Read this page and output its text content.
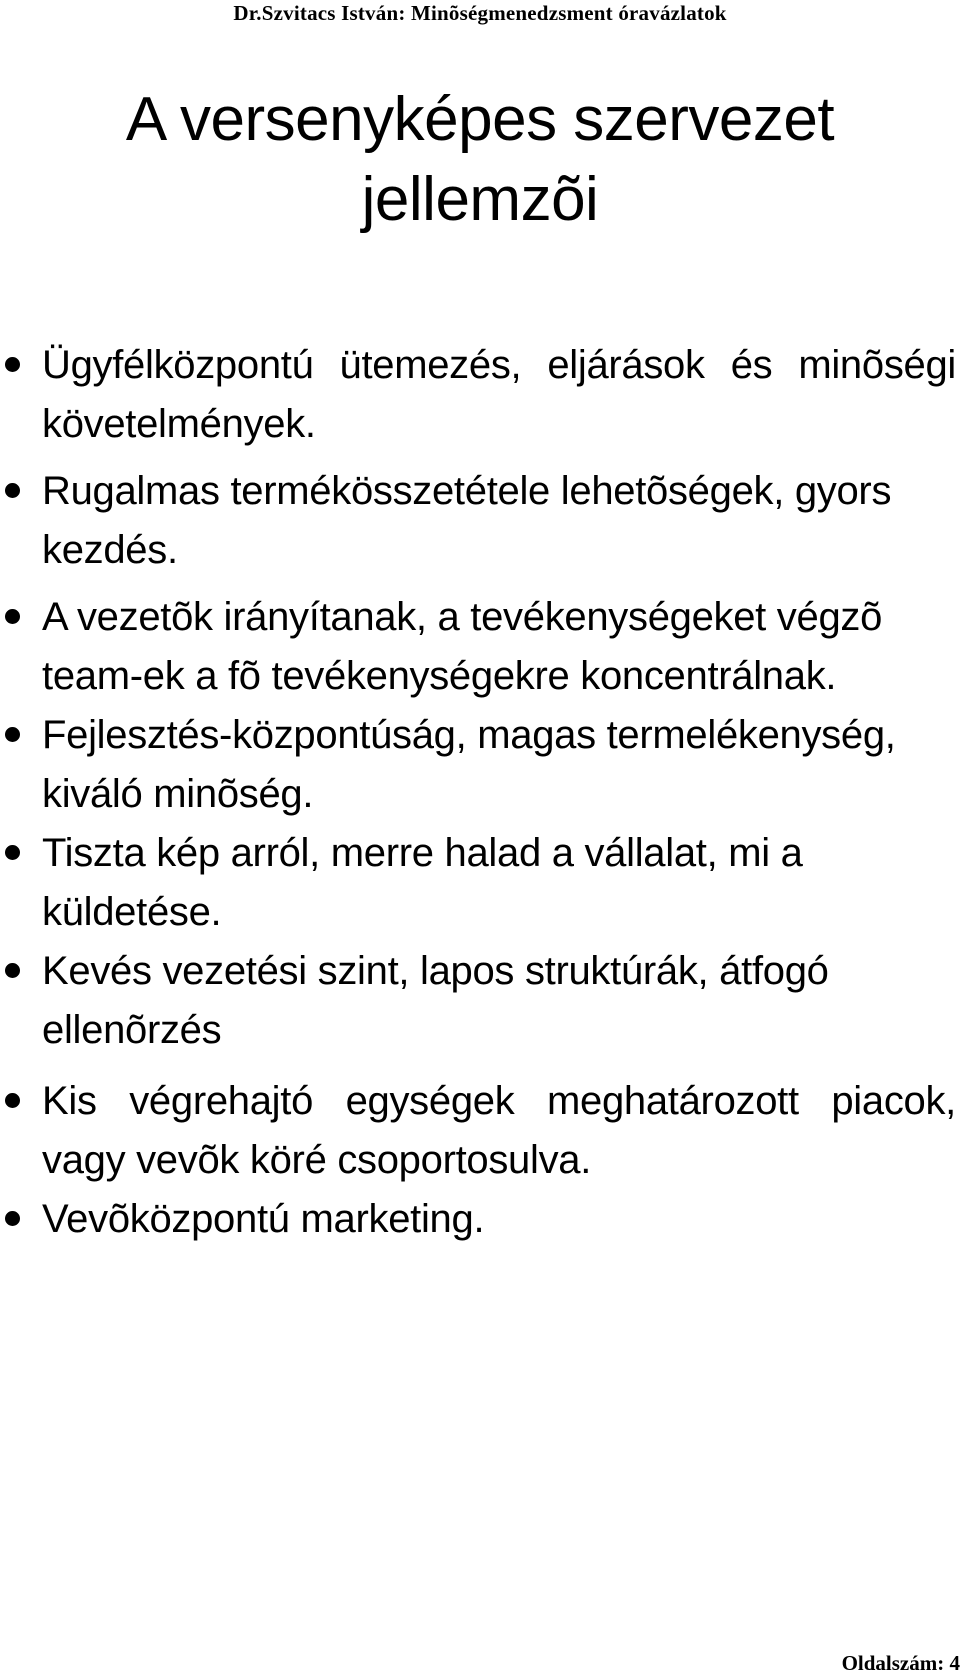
Dr.Szvitacs István: Minõségmenedzsment óravázlatok
A versenyképes szervezet
jellemzõi
Ügyfélközpontú ütemezés, eljárások és minõségi követelmények.
Rugalmas termékösszetétele lehetõségek, gyors kezdés.
A vezetõk irányítanak, a tevékenységeket végzõ team-ek a fõ tevékenységekre koncentrálnak.
Fejlesztés-központúság, magas termelékenység, kiváló minõség.
Tiszta kép arról, merre halad a vállalat, mi a küldetése.
Kevés vezetési szint, lapos struktúrák, átfogó ellenõrzés
Kis végrehajtó egységek meghatározott piacok, vagy vevõk köré csoportosulva.
Vevõközpontú marketing.
Oldalszám: 4
